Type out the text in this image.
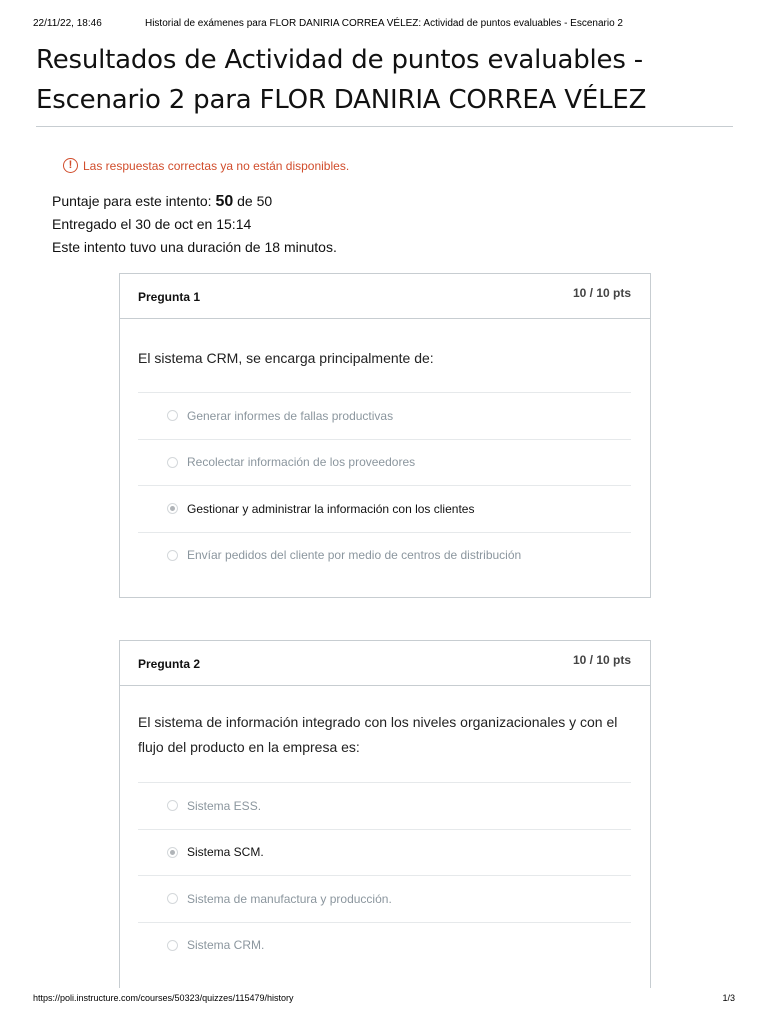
22/11/22, 18:46	Historial de exámenes para FLOR DANIRIA CORREA VÉLEZ: Actividad de puntos evaluables - Escenario 2
Resultados de Actividad de puntos evaluables -
Escenario 2 para FLOR DANIRIA CORREA VÉLEZ
! Las respuestas correctas ya no están disponibles.
Puntaje para este intento: 50 de 50
Entregado el 30 de oct en 15:14
Este intento tuvo una duración de 18 minutos.
Pregunta 1	10 / 10 pts
El sistema CRM, se encarga principalmente de:
Generar informes de fallas productivas
Recolectar información de los proveedores
Gestionar y administrar la información con los clientes
Envíar pedidos del cliente por medio de centros de distribución
Pregunta 2	10 / 10 pts
El sistema de información integrado con los niveles organizacionales y con el flujo del producto en la empresa es:
Sistema ESS.
Sistema SCM.
Sistema de manufactura y producción.
Sistema CRM.
https://poli.instructure.com/courses/50323/quizzes/115479/history	1/3
